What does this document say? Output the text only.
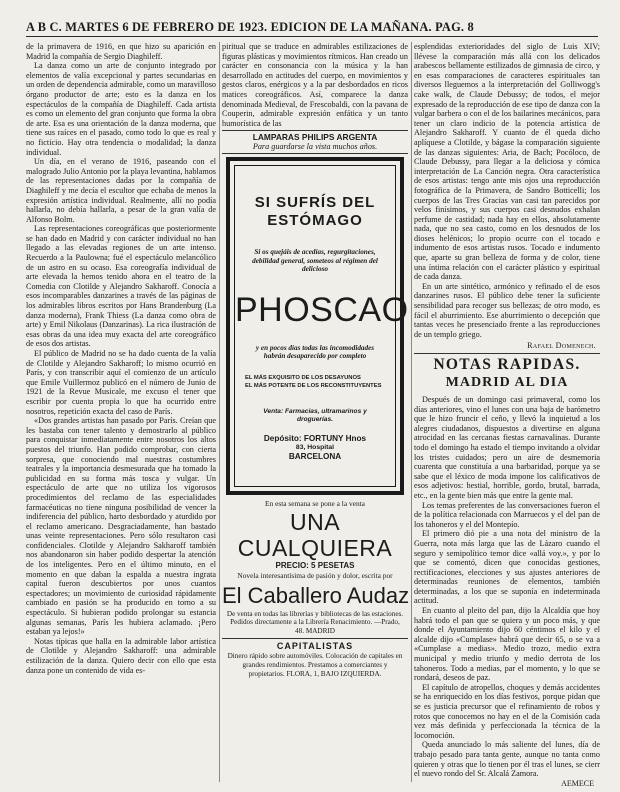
A B C. MARTES 6 DE FEBRERO DE 1923. EDICION DE LA MAÑANA. PAG. 8

de la primavera de 1916, en que hizo su aparición en Madrid la compañía de Sergio Diaghileff.

La danza como un arte de conjunto integrado por elementos de valía excepcional y partes secundarias en un orden de dependencia admirable, como un maravilloso órgano productor de arte; esto es la danza en los espectáculos de la compañía de Diaghileff. Cada artista es como un elemento del gran conjunto que forma la obra de arte. Esa es una orientación de la danza moderna, que tiene sus raíces en el pasado, como todo lo que es real y no ficticio. Hay otra tendencia o modalidad; la danza individual.

Un día, en el verano de 1916, paseando con el malogrado Julio Antonio por la playa levantina, hablamos de las representaciones dadas por la compañía de Diaghileff y me decía el escultor que echaba de menos la expresión artística individual. Realmente, allí no podía hallarla, no debía hallarla, a pesar de la gran valía de Alfonso Bolm.

Las representaciones coreográficas que posteriormente se han dado en Madrid y con carácter individual no han llegado a las elevadas regiones de un arte intenso. Recuerdo a la Paulowna; fué el espectáculo melancólico de un astro en su ocaso. Esa coreografía individual de arte elevada la hemos tenido ahora en el teatro de la Comedia con Clotilde y Alejandro Sakharoff. Conocía a esos incomparables danzarines a través de las páginas de los admirables libros escritos por Hans Brandenburg (La danza moderna), Frank Thiess (La danza como obra de arte) y Emil Nikolaus (Danzarinas). La rica ilustración de esas obras da una idea muy exacta del arte coreográfico de esos dos artistas.

El público de Madrid no se ha dado cuenta de la valía de Clotilde y Alejandro Sakharoff; lo mismo ocurrió en París, y con transcribir aquí el comienzo de un artículo que Emile Vuillermoz publicó en el número de Junio de 1921 de la Revue Musicale, me excuso el tener que escribir por cuenta propia lo que ha ocurrido entre nosotros, repetición exacta del caso de París.

«Dos grandes artistas han pasado por París. Creían que les bastaba con tener talento y demostrarlo al público para conquistar inmediatamente entre nosotros los altos puestos del triunfo. Han podido comprobar, con cierta sorpresa, que conociendo mal nuestras costumbres teatrales y la importancia desmesurada que ha tomado la publicidad en su forma más tosca y vulgar. Un espectáculo de arte que no utiliza los vigorosos procedimientos del reclamo de las especialidades farmacéuticas no tiene ninguna posibilidad de vencer la indiferencia del público, harto desbordado y aturdido por el reclamo americano. Desgraciadamente, han bastado unas veinte representaciones. Pero sólo resultaron casi confidenciales. Clotilde y Alejandro Sakharoff también nos abandonaron sin haber podido despertar la atención de los inteligentes. Pero en el último minuto, en el momento en que daban la espalda a nuestra ingrata capital fueron descubiertos por unos cuantos espectadores; un movimiento de curiosidad rápidamente cambiado en pasión se ha producido en torno a su espectáculo. Si hubieran podido prolongar su estancia algunas semanas, París les hubiera aclamado. ¡Pero estaban ya lejos!»

Notas típicas que halla en la admirable labor artística de Clotilde y Alejandro Sakharoff: una admirable estilización de la danza. Quiero decir con ello que esta danza pone un contenido de vida es-

piritual que se traduce en admirables estilizaciones de figuras plásticas y movimientos rítmicos. Han creado un carácter en consonancia con la música y la han desarrollado en actitudes del cuerpo, en movimientos y gestos claros, enérgicos y a la par desbordados en ricos matices coreográficos. Así, comparece la danza denominada Medieval, de Frescobaldi, con la pavana de Couperin, admirable expresión enfática y un tanto humorística de las

LAMPARAS PHILIPS ARGENTA
Para guardarse la vista muchos años.
SI SUFRÍS DEL ESTÓMAGO
Si os quejáis de acedías, regurgitaciones, debilidad general, someteos al régimen del delicioso
PHOSCAO
y en pocos días todas las incomodidades habrán desaparecido por completo
EL MÁS EXQUISITO DE LOS DESAYUNOS
EL MÁS POTENTE DE LOS RECONSTITUYENTES
Venta: Farmacias, ultramarinos y droguerías.
Depósito: FORTUNY Hnos
83, Hospital
BARCELONA
En esta semana se pone a la venta
UNA CUALQUIERA
PRECIO: 5 PESETAS
Novela interesantísima de pasión y dolor, escrita por
El Caballero Audaz
De venta en todas las librerías y bibliotecas de las estaciones. Pedidos directamente a la Librería Renacimiento. —Prado, 48. MADRID
CAPITALISTAS
Dinero rápido sobre automóviles. Colocación de capitales en grandes rendimientos. Prestamos a comerciantes y propietarios. FLORA, 1, BAJO IZQUIERDA.

esplendidas exterioridades del siglo de Luis XIV; llévese la comparación más allá con los delicados arabescos bellamente estilizados de gimnasia de circo, y en esas comparaciones de caracteres espirituales tan diversos lleguemos a la interpretación del Golliwogg's cake walk, de Claude Debussy; de todos, el mejor expresado de la reproducción de ese tipo de danza con la vulgar barbera o con el de los bailarines mecánicos, para tener un claro indicio de la potencia artística de Alejandro Sakharoff. Y cuanto de él queda dicho aplíquese a Clotilde, y bágase la comparación siguiente de las danzas siguientes: Aria, de Bach; Pocóloco, de Claude Debussy, para llegar a la deliciosa y cómica interpretación de La Canción negra. Otra característica de esos artistas: tengo ante mis ojos una reproducción fotográfica de la Primavera, de Sandro Botticelli; los cuerpos de las Tres Gracias van casi tan parecidos por velos finísimos, y sus cuerpos casi desnudos exhalan perfume de castidad; nada hay en ellos, absolutamente nada, que no sea casto, como en los desnudos de los dioses helénicos; lo propio ocurre con el tocado e indumento de esos artistas rusos. Tocado e indumento que, aparte su gran belleza de forma y de color, tiene una íntima relación con el carácter plástico y espiritual de cada danza.

En un arte sintético, armónico y refinado el de esos danzarines rusos. El público debe tener la suficiente sensibilidad para recoger sus bellezas; de otro modo, es fácil el aburrimiento. Ese aburrimiento o decepción que tantas veces he presenciado frente a las reproducciones de un templo griego.

Rafael Domenech.
NOTAS RAPIDAS.
MADRID AL DIA

Después de un domingo casi primaveral, como los días anteriores, vino el lunes con una baja de barómetro que le hizo fruncir el ceño, y llevó la inquietud a los alegres ciudadanos, dispuestos a divertirse en alguna atrocidad en las cercanas fiestas carnavalinas. Durante todo el domingo ha estado el tiempo invitando a olvidar los tristes cuidados; pero un aire de desmemoria cuarenta que constituía a una barbaridad, porque ya se sabe que el léxico de moda impone los calificativos de esos adjetivos: bestial, horrible, gordo, brutal, barrada, etc., en la gente bien más que entre la gente mal.

Los temas preferentes de las conversaciones fueron el de la política relacionada con Marruecos y el del pan de los tahoneros y el del Montepío.

El primero dió pie a una nota del ministro de la Guerra, nota más larga que las de Lázaro cuando el seguro y semipolítico temor dice «allá voy.», y por lo que se comentó, dicen que conocidas gestiones, rectificaciones, elecciones y sus ajustes anteriores de determinadas reuniones de elementos, también determinadas, a los que se suponía en indeterminada actitud.

En cuanto al pleito del pan, dijo la Alcaldía que hoy habrá todo el pan que se quiera y un poco más, y que donde el Ayuntamiento dijo 60 céntimos el kilo y el alcalde dijo «Cumplase» habrá que decir 65, o se va a «Cumplase a medias». Medio trozo, medio extra municipal y medio triunfo y medio derrota de los tahoneros. Todo a medias, par el momento, y lo que se rondará, deseos de paz.

El capítulo de atropellos, choques y demás accidentes se ha enriquecido en los días festivos, porque pidan que se es justicia precursor que el refinamiento de robos y rotos que conocemos no hay en el de la Comisión cada vez más definida y perfeccionada la técnica de la locomoción.

Queda anunciado lo más saliente del lunes, día de trabajo pesado para tanta gente, aunque no tanta como quieren y otras que lo tienen por él tras el lunes, se cierr el nuevo rondo del Sr. Alcalá Zamora.

AEMECE
